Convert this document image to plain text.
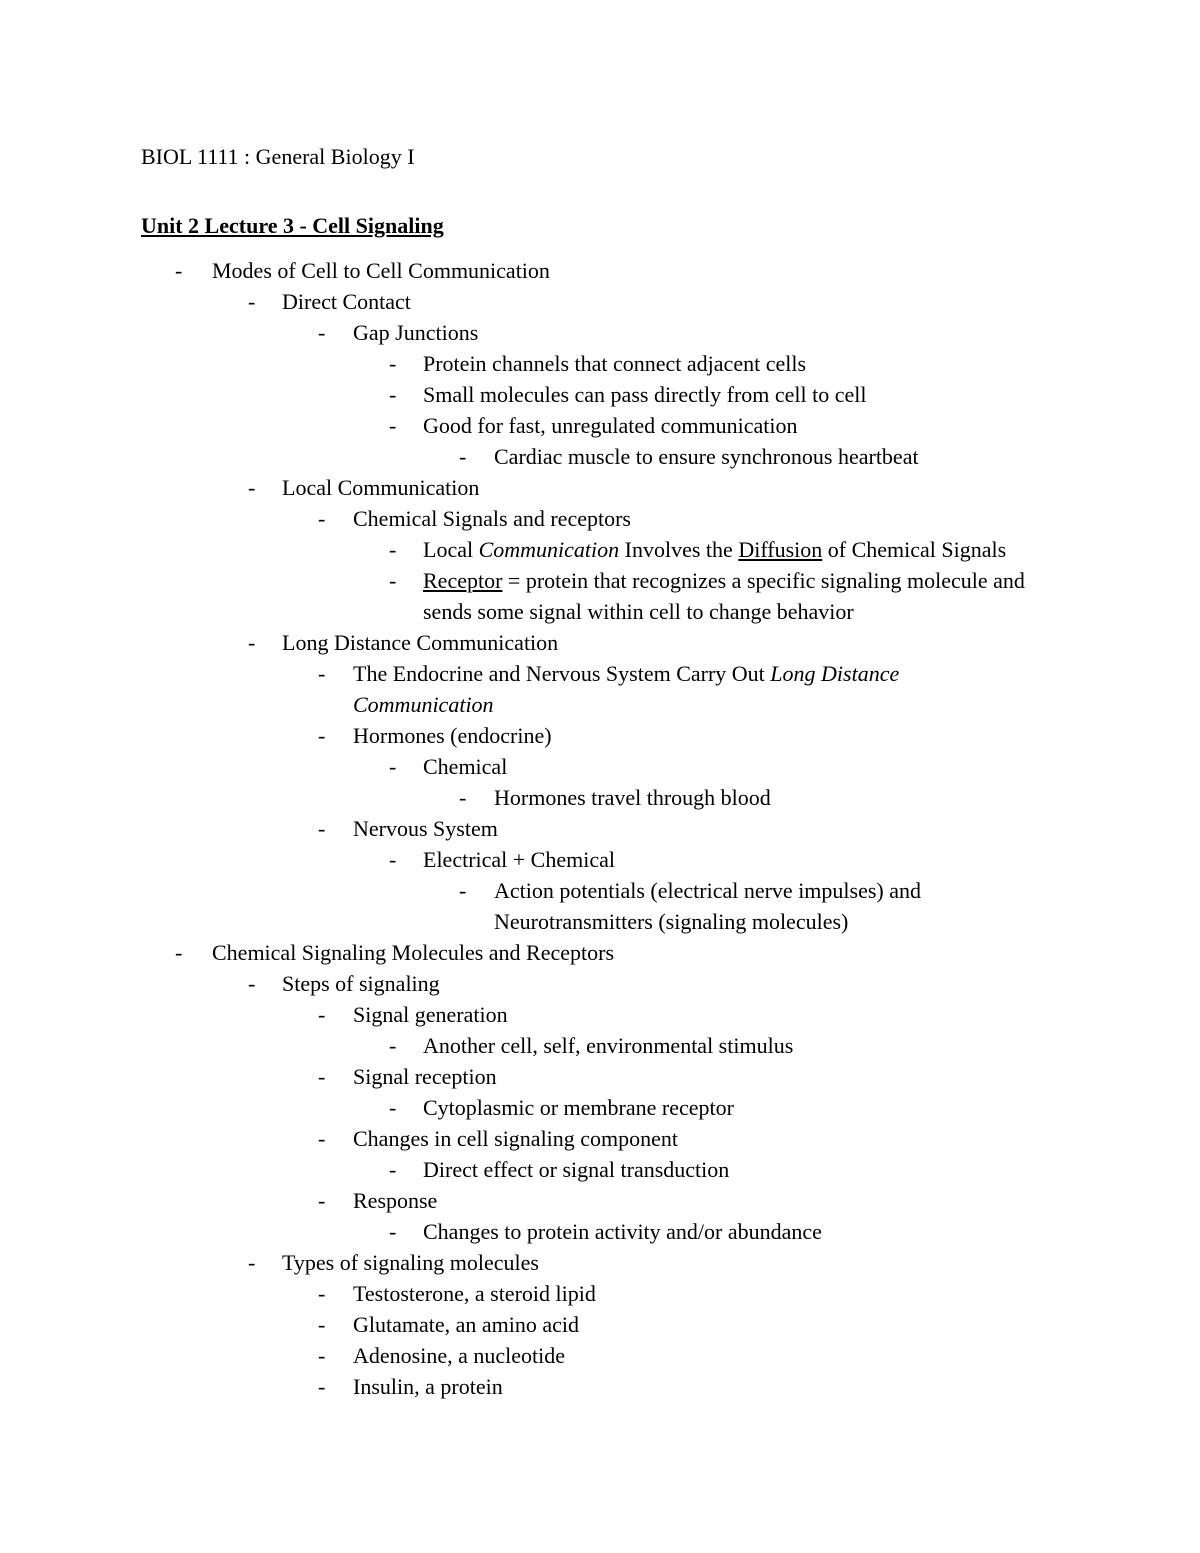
BIOL 1111 : General Biology I
Unit 2 Lecture 3 - Cell Signaling
- Modes of Cell to Cell Communication
- Direct Contact
- Gap Junctions
- Protein channels that connect adjacent cells
- Small molecules can pass directly from cell to cell
- Good for fast, unregulated communication
- Cardiac muscle to ensure synchronous heartbeat
- Local Communication
- Chemical Signals and receptors
- Local Communication Involves the Diffusion of Chemical Signals
- Receptor = protein that recognizes a specific signaling molecule and sends some signal within cell to change behavior
- Long Distance Communication
- The Endocrine and Nervous System Carry Out Long Distance Communication
- Hormones (endocrine)
- Chemical
- Hormones travel through blood
- Nervous System
- Electrical + Chemical
- Action potentials (electrical nerve impulses) and Neurotransmitters (signaling molecules)
- Chemical Signaling Molecules and Receptors
- Steps of signaling
- Signal generation
- Another cell, self, environmental stimulus
- Signal reception
- Cytoplasmic or membrane receptor
- Changes in cell signaling component
- Direct effect or signal transduction
- Response
- Changes to protein activity and/or abundance
- Types of signaling molecules
- Testosterone, a steroid lipid
- Glutamate, an amino acid
- Adenosine, a nucleotide
- Insulin, a protein
